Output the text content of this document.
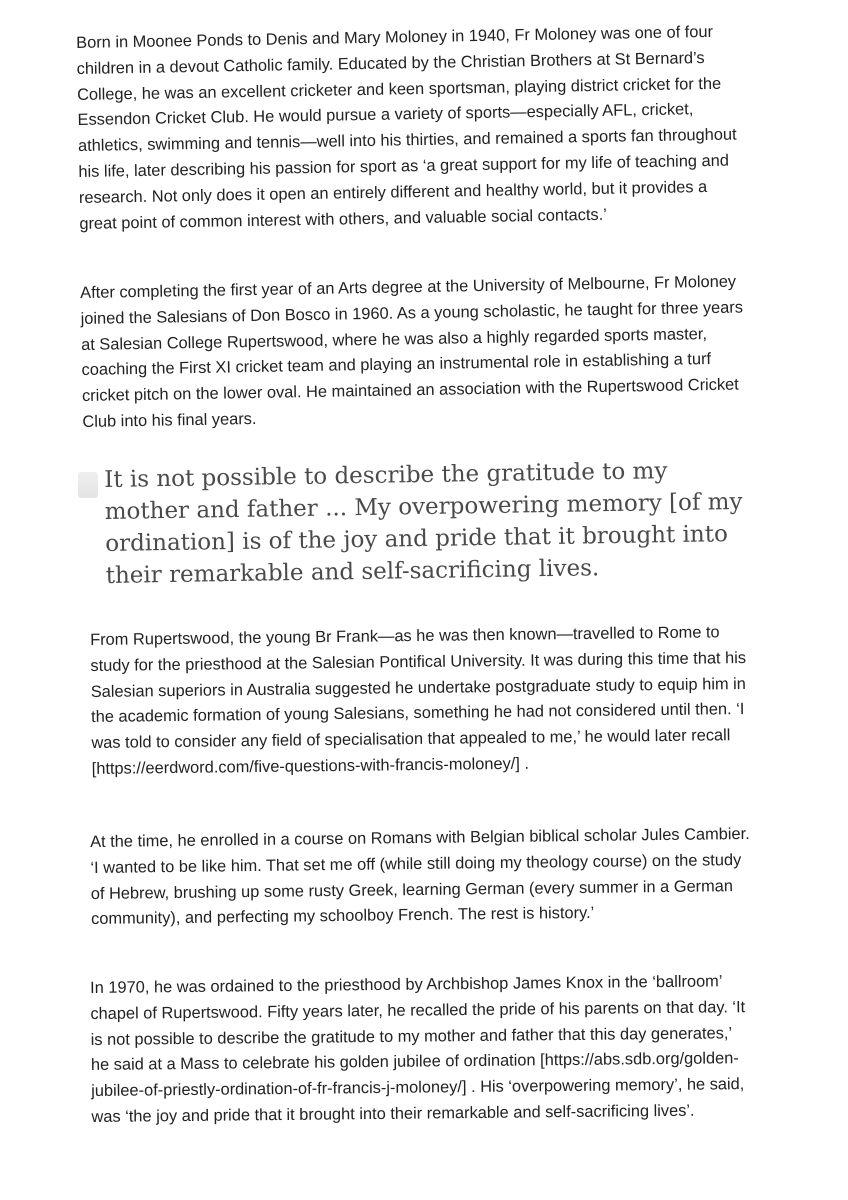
Born in Moonee Ponds to Denis and Mary Moloney in 1940, Fr Moloney was one of four children in a devout Catholic family. Educated by the Christian Brothers at St Bernard’s College, he was an excellent cricketer and keen sportsman, playing district cricket for the Essendon Cricket Club. He would pursue a variety of sports—especially AFL, cricket, athletics, swimming and tennis—well into his thirties, and remained a sports fan throughout his life, later describing his passion for sport as ‘a great support for my life of teaching and research. Not only does it open an entirely different and healthy world, but it provides a great point of common interest with others, and valuable social contacts.’

After completing the first year of an Arts degree at the University of Melbourne, Fr Moloney joined the Salesians of Don Bosco in 1960. As a young scholastic, he taught for three years at Salesian College Rupertswood, where he was also a highly regarded sports master, coaching the First XI cricket team and playing an instrumental role in establishing a turf cricket pitch on the lower oval. He maintained an association with the Rupertswood Cricket Club into his final years.

It is not possible to describe the gratitude to my mother and father ... My overpowering memory [of my ordination] is of the joy and pride that it brought into their remarkable and self-sacrificing lives.

From Rupertswood, the young Br Frank—as he was then known—travelled to Rome to study for the priesthood at the Salesian Pontifical University. It was during this time that his Salesian superiors in Australia suggested he undertake postgraduate study to equip him in the academic formation of young Salesians, something he had not considered until then. ‘I was told to consider any field of specialisation that appealed to me,’ he would later recall [https://eerdword.com/five-questions-with-francis-moloney/] .

At the time, he enrolled in a course on Romans with Belgian biblical scholar Jules Cambier. ‘I wanted to be like him. That set me off (while still doing my theology course) on the study of Hebrew, brushing up some rusty Greek, learning German (every summer in a German community), and perfecting my schoolboy French. The rest is history.’

In 1970, he was ordained to the priesthood by Archbishop James Knox in the ‘ballroom’ chapel of Rupertswood. Fifty years later, he recalled the pride of his parents on that day. ‘It is not possible to describe the gratitude to my mother and father that this day generates,’ he said at a Mass to celebrate his golden jubilee of ordination [https://abs.sdb.org/golden-jubilee-of-priestly-ordination-of-fr-francis-j-moloney/] . His ‘overpowering memory’, he said, was ‘the joy and pride that it brought into their remarkable and self-sacrificing lives’.
